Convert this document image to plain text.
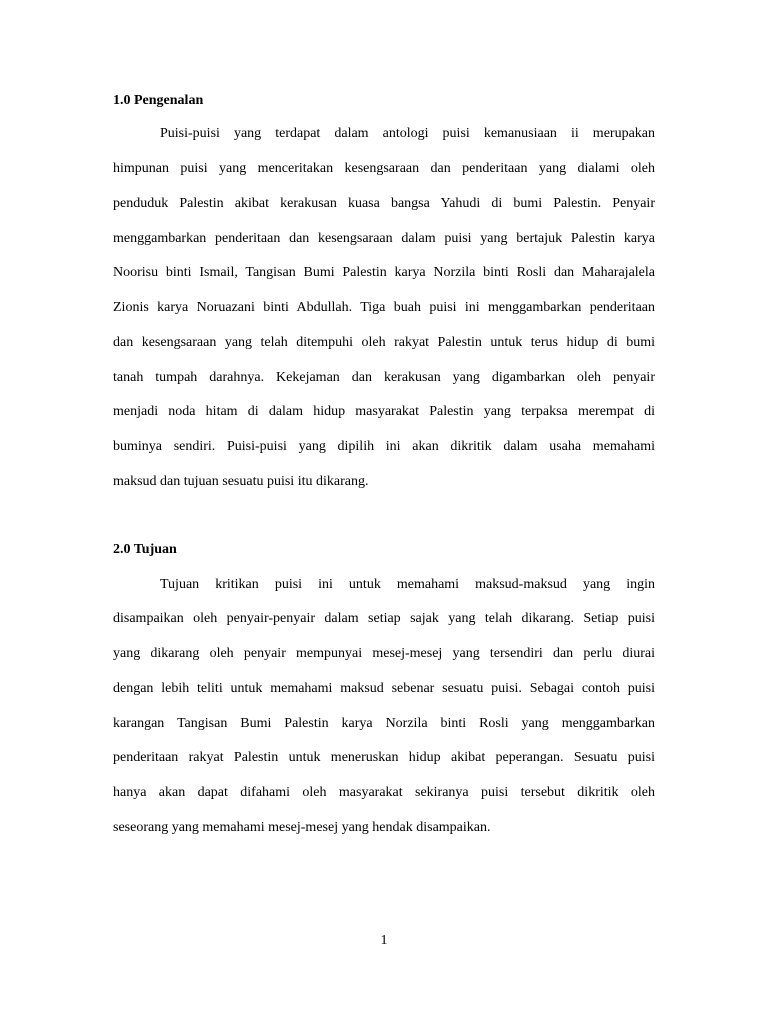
1.0 Pengenalan
Puisi-puisi yang terdapat dalam antologi puisi kemanusiaan ii merupakan
himpunan puisi yang menceritakan kesengsaraan dan penderitaan yang dialami oleh
penduduk Palestin akibat kerakusan kuasa bangsa Yahudi di bumi Palestin. Penyair
menggambarkan penderitaan dan kesengsaraan dalam puisi yang bertajuk Palestin karya
Noorisu binti Ismail, Tangisan Bumi Palestin karya Norzila binti Rosli dan Maharajalela
Zionis karya Noruazani binti Abdullah. Tiga buah puisi ini menggambarkan penderitaan
dan kesengsaraan yang telah ditempuhi oleh rakyat Palestin untuk terus hidup di bumi
tanah tumpah darahnya. Kekejaman dan kerakusan yang digambarkan oleh penyair
menjadi noda hitam di dalam hidup masyarakat Palestin yang terpaksa merempat di
buminya sendiri. Puisi-puisi yang dipilih ini akan dikritik dalam usaha memahami
maksud dan tujuan sesuatu puisi itu dikarang.
2.0 Tujuan
Tujuan kritikan puisi ini untuk memahami maksud-maksud yang ingin
disampaikan oleh penyair-penyair dalam setiap sajak yang telah dikarang. Setiap puisi
yang dikarang oleh penyair mempunyai mesej-mesej yang tersendiri dan perlu diurai
dengan lebih teliti untuk memahami maksud sebenar sesuatu puisi. Sebagai contoh puisi
karangan Tangisan Bumi Palestin karya Norzila binti Rosli yang menggambarkan
penderitaan rakyat Palestin untuk meneruskan hidup akibat peperangan. Sesuatu puisi
hanya akan dapat difahami oleh masyarakat sekiranya puisi tersebut dikritik oleh
seseorang yang memahami mesej-mesej yang hendak disampaikan.
1
